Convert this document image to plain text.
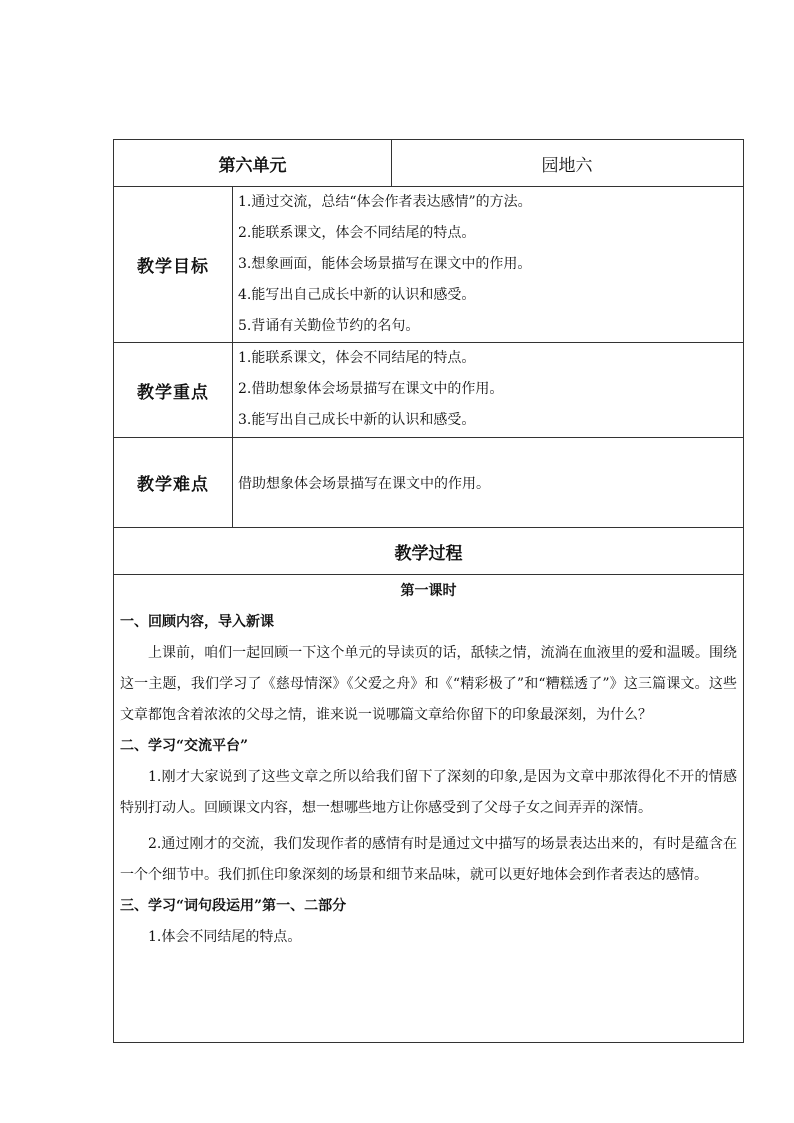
第六单元	园地六
教学目标
1.通过交流，总结“体会作者表达感情”的方法。
2.能联系课文，体会不同结尾的特点。
3.想象画面，能体会场景描写在课文中的作用。
4.能写出自己成长中新的认识和感受。
5.背诵有关勤俭节约的名句。
教学重点
1.能联系课文，体会不同结尾的特点。
2.借助想象体会场景描写在课文中的作用。
3.能写出自己成长中新的认识和感受。
教学难点 借助想象体会场景描写在课文中的作用。
教学过程
第一课时
一、回顾内容，导入新课
上课前，咱们一起回顾一下这个单元的导读页的话，舐犊之情，流淌在血液里的爱和温暖。围绕这一主题，我们学习了《慈母情深》《父爱之舟》和《“精彩极了”和“糟糕透了”》这三篇课文。这些文章都饱含着浓浓的父母之情，谁来说一说哪篇文章给你留下的印象最深刻，为什么？
二、学习“交流平台”
1.刚才大家说到了这些文章之所以给我们留下了深刻的印象,是因为文章中那浓得化不开的情感特别打动人。回顾课文内容，想一想哪些地方让你感受到了父母子女之间弄弄的深情。
2.通过刚才的交流，我们发现作者的感情有时是通过文中描写的场景表达出来的，有时是蕴含在一个个细节中。我们抓住印象深刻的场景和细节来品味，就可以更好地体会到作者表达的感情。
三、学习“词句段运用”第一、二部分
1.体会不同结尾的特点。
